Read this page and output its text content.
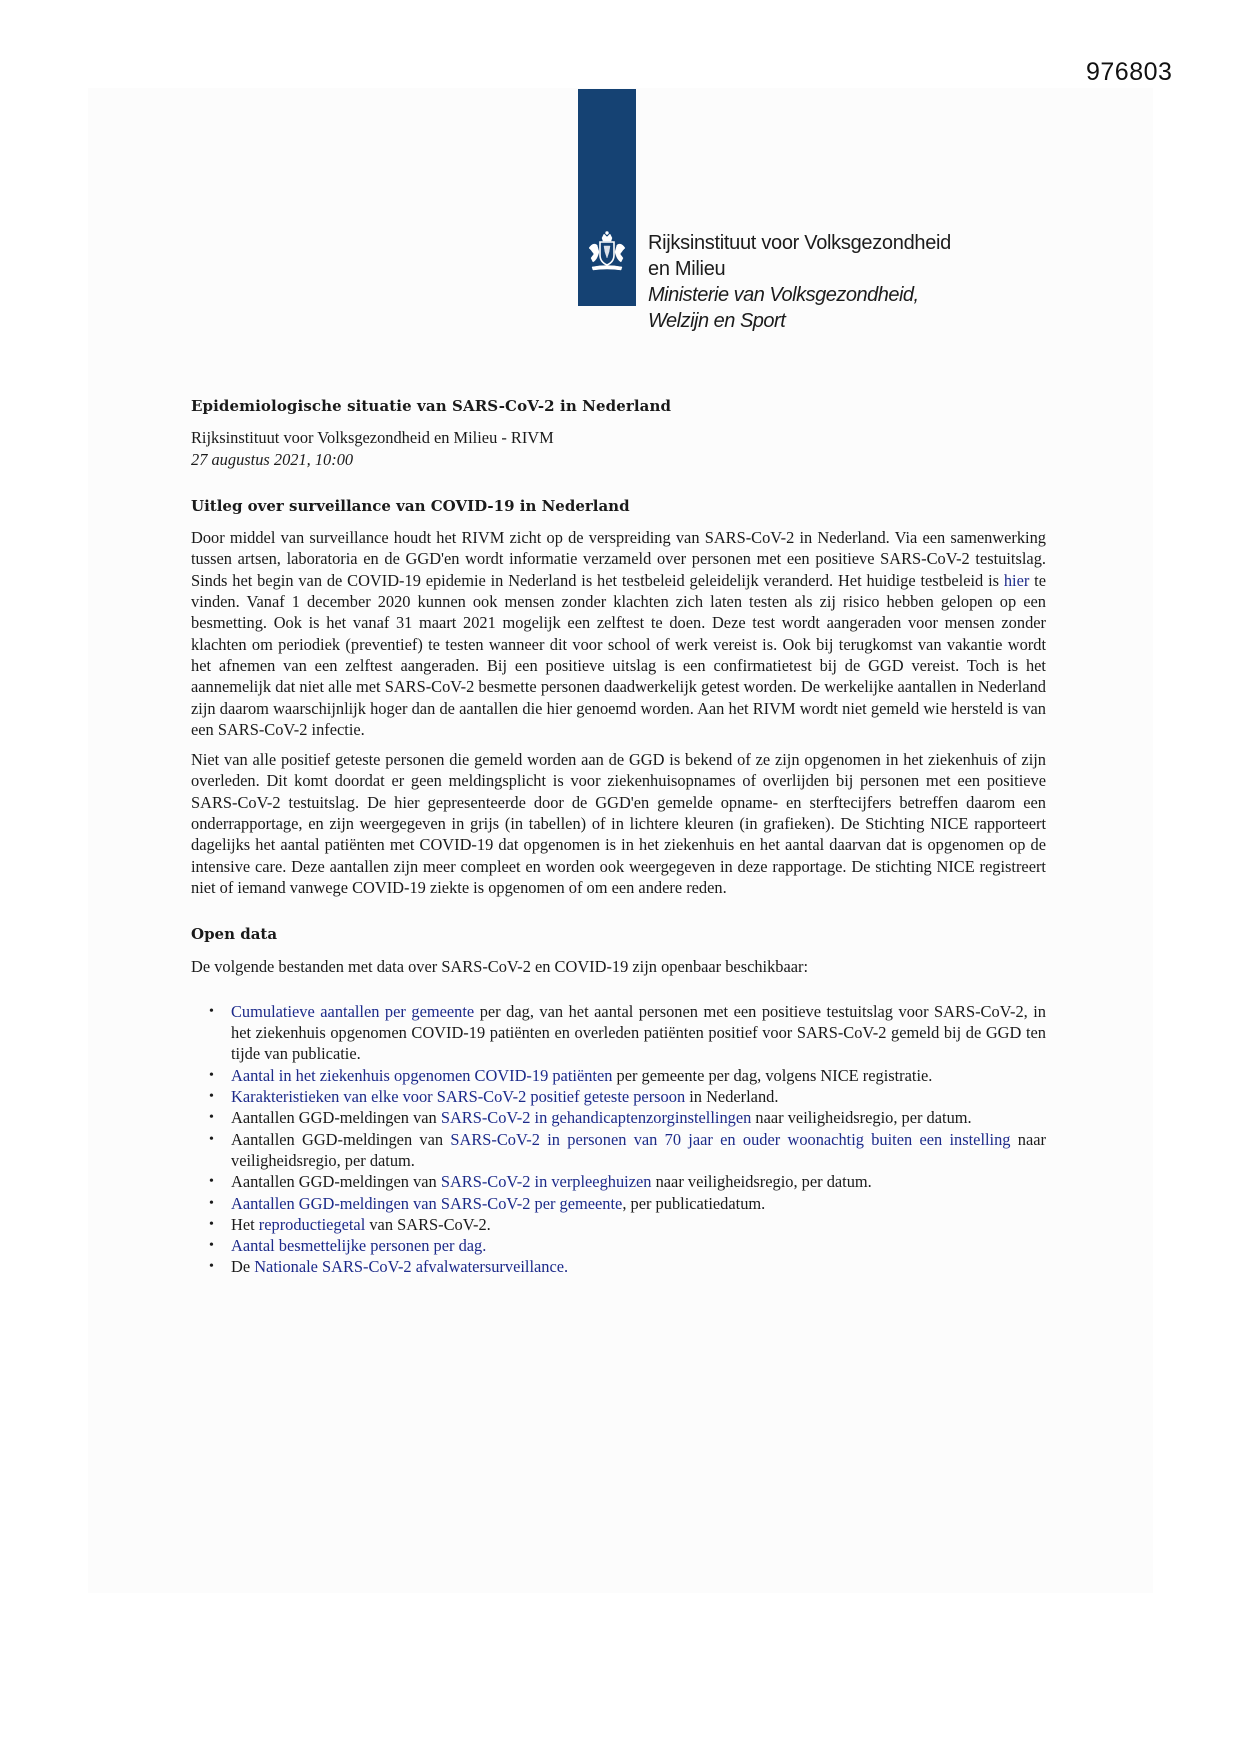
976803
Rijksinstituut voor Volksgezondheid
en Milieu
Ministerie van Volksgezondheid,
Welzijn en Sport
Epidemiologische situatie van SARS-CoV-2 in Nederland

Rijksinstituut voor Volksgezondheid en Milieu - RIVM

27 augustus 2021, 10:00

Uitleg over surveillance van COVID-19 in Nederland

Door middel van surveillance houdt het RIVM zicht op de verspreiding van SARS-CoV-2 in Nederland. Via een samenwerking tussen artsen, laboratoria en de GGD'en wordt informatie verzameld over personen met een positieve SARS-CoV-2 testuitslag. Sinds het begin van de COVID-19 epidemie in Nederland is het testbeleid geleidelijk veranderd. Het huidige testbeleid is hier te vinden. Vanaf 1 december 2020 kunnen ook mensen zonder klachten zich laten testen als zij risico hebben gelopen op een besmetting. Ook is het vanaf 31 maart 2021 mogelijk een zelftest te doen. Deze test wordt aangeraden voor mensen zonder klachten om periodiek (preventief) te testen wanneer dit voor school of werk vereist is. Ook bij terugkomst van vakantie wordt het afnemen van een zelftest aangeraden. Bij een positieve uitslag is een confirmatietest bij de GGD vereist. Toch is het aannemelijk dat niet alle met SARS-CoV-2 besmette personen daadwerkelijk getest worden. De werkelijke aantallen in Nederland zijn daarom waarschijnlijk hoger dan de aantallen die hier genoemd worden. Aan het RIVM wordt niet gemeld wie hersteld is van een SARS-CoV-2 infectie.

Niet van alle positief geteste personen die gemeld worden aan de GGD is bekend of ze zijn opgenomen in het ziekenhuis of zijn overleden. Dit komt doordat er geen meldingsplicht is voor ziekenhuisopnames of overlijden bij personen met een positieve SARS-CoV-2 testuitslag. De hier gepresenteerde door de GGD'en gemelde opname- en sterftecijfers betreffen daarom een onderrapportage, en zijn weergegeven in grijs (in tabellen) of in lichtere kleuren (in grafieken). De Stichting NICE rapporteert dagelijks het aantal patiënten met COVID-19 dat opgenomen is in het ziekenhuis en het aantal daarvan dat is opgenomen op de intensive care. Deze aantallen zijn meer compleet en worden ook weergegeven in deze rapportage. De stichting NICE registreert niet of iemand vanwege COVID-19 ziekte is opgenomen of om een andere reden.

Open data

De volgende bestanden met data over SARS-CoV-2 en COVID-19 zijn openbaar beschikbaar:

• Cumulatieve aantallen per gemeente per dag, van het aantal personen met een positieve testuitslag voor SARS-CoV-2, in het ziekenhuis opgenomen COVID-19 patiënten en overleden patiënten positief voor SARS-CoV-2 gemeld bij de GGD ten tijde van publicatie.
• Aantal in het ziekenhuis opgenomen COVID-19 patiënten per gemeente per dag, volgens NICE registratie.
• Karakteristieken van elke voor SARS-CoV-2 positief geteste persoon in Nederland.
• Aantallen GGD-meldingen van SARS-CoV-2 in gehandicaptenzorginstellingen naar veiligheidsregio, per datum.
• Aantallen GGD-meldingen van SARS-CoV-2 in personen van 70 jaar en ouder woonachtig buiten een instelling naar veiligheidsregio, per datum.
• Aantallen GGD-meldingen van SARS-CoV-2 in verpleeghuizen naar veiligheidsregio, per datum.
• Aantallen GGD-meldingen van SARS-CoV-2 per gemeente, per publicatiedatum.
• Het reproductiegetal van SARS-CoV-2.
• Aantal besmettelijke personen per dag.
• De Nationale SARS-CoV-2 afvalwatersurveillance.
